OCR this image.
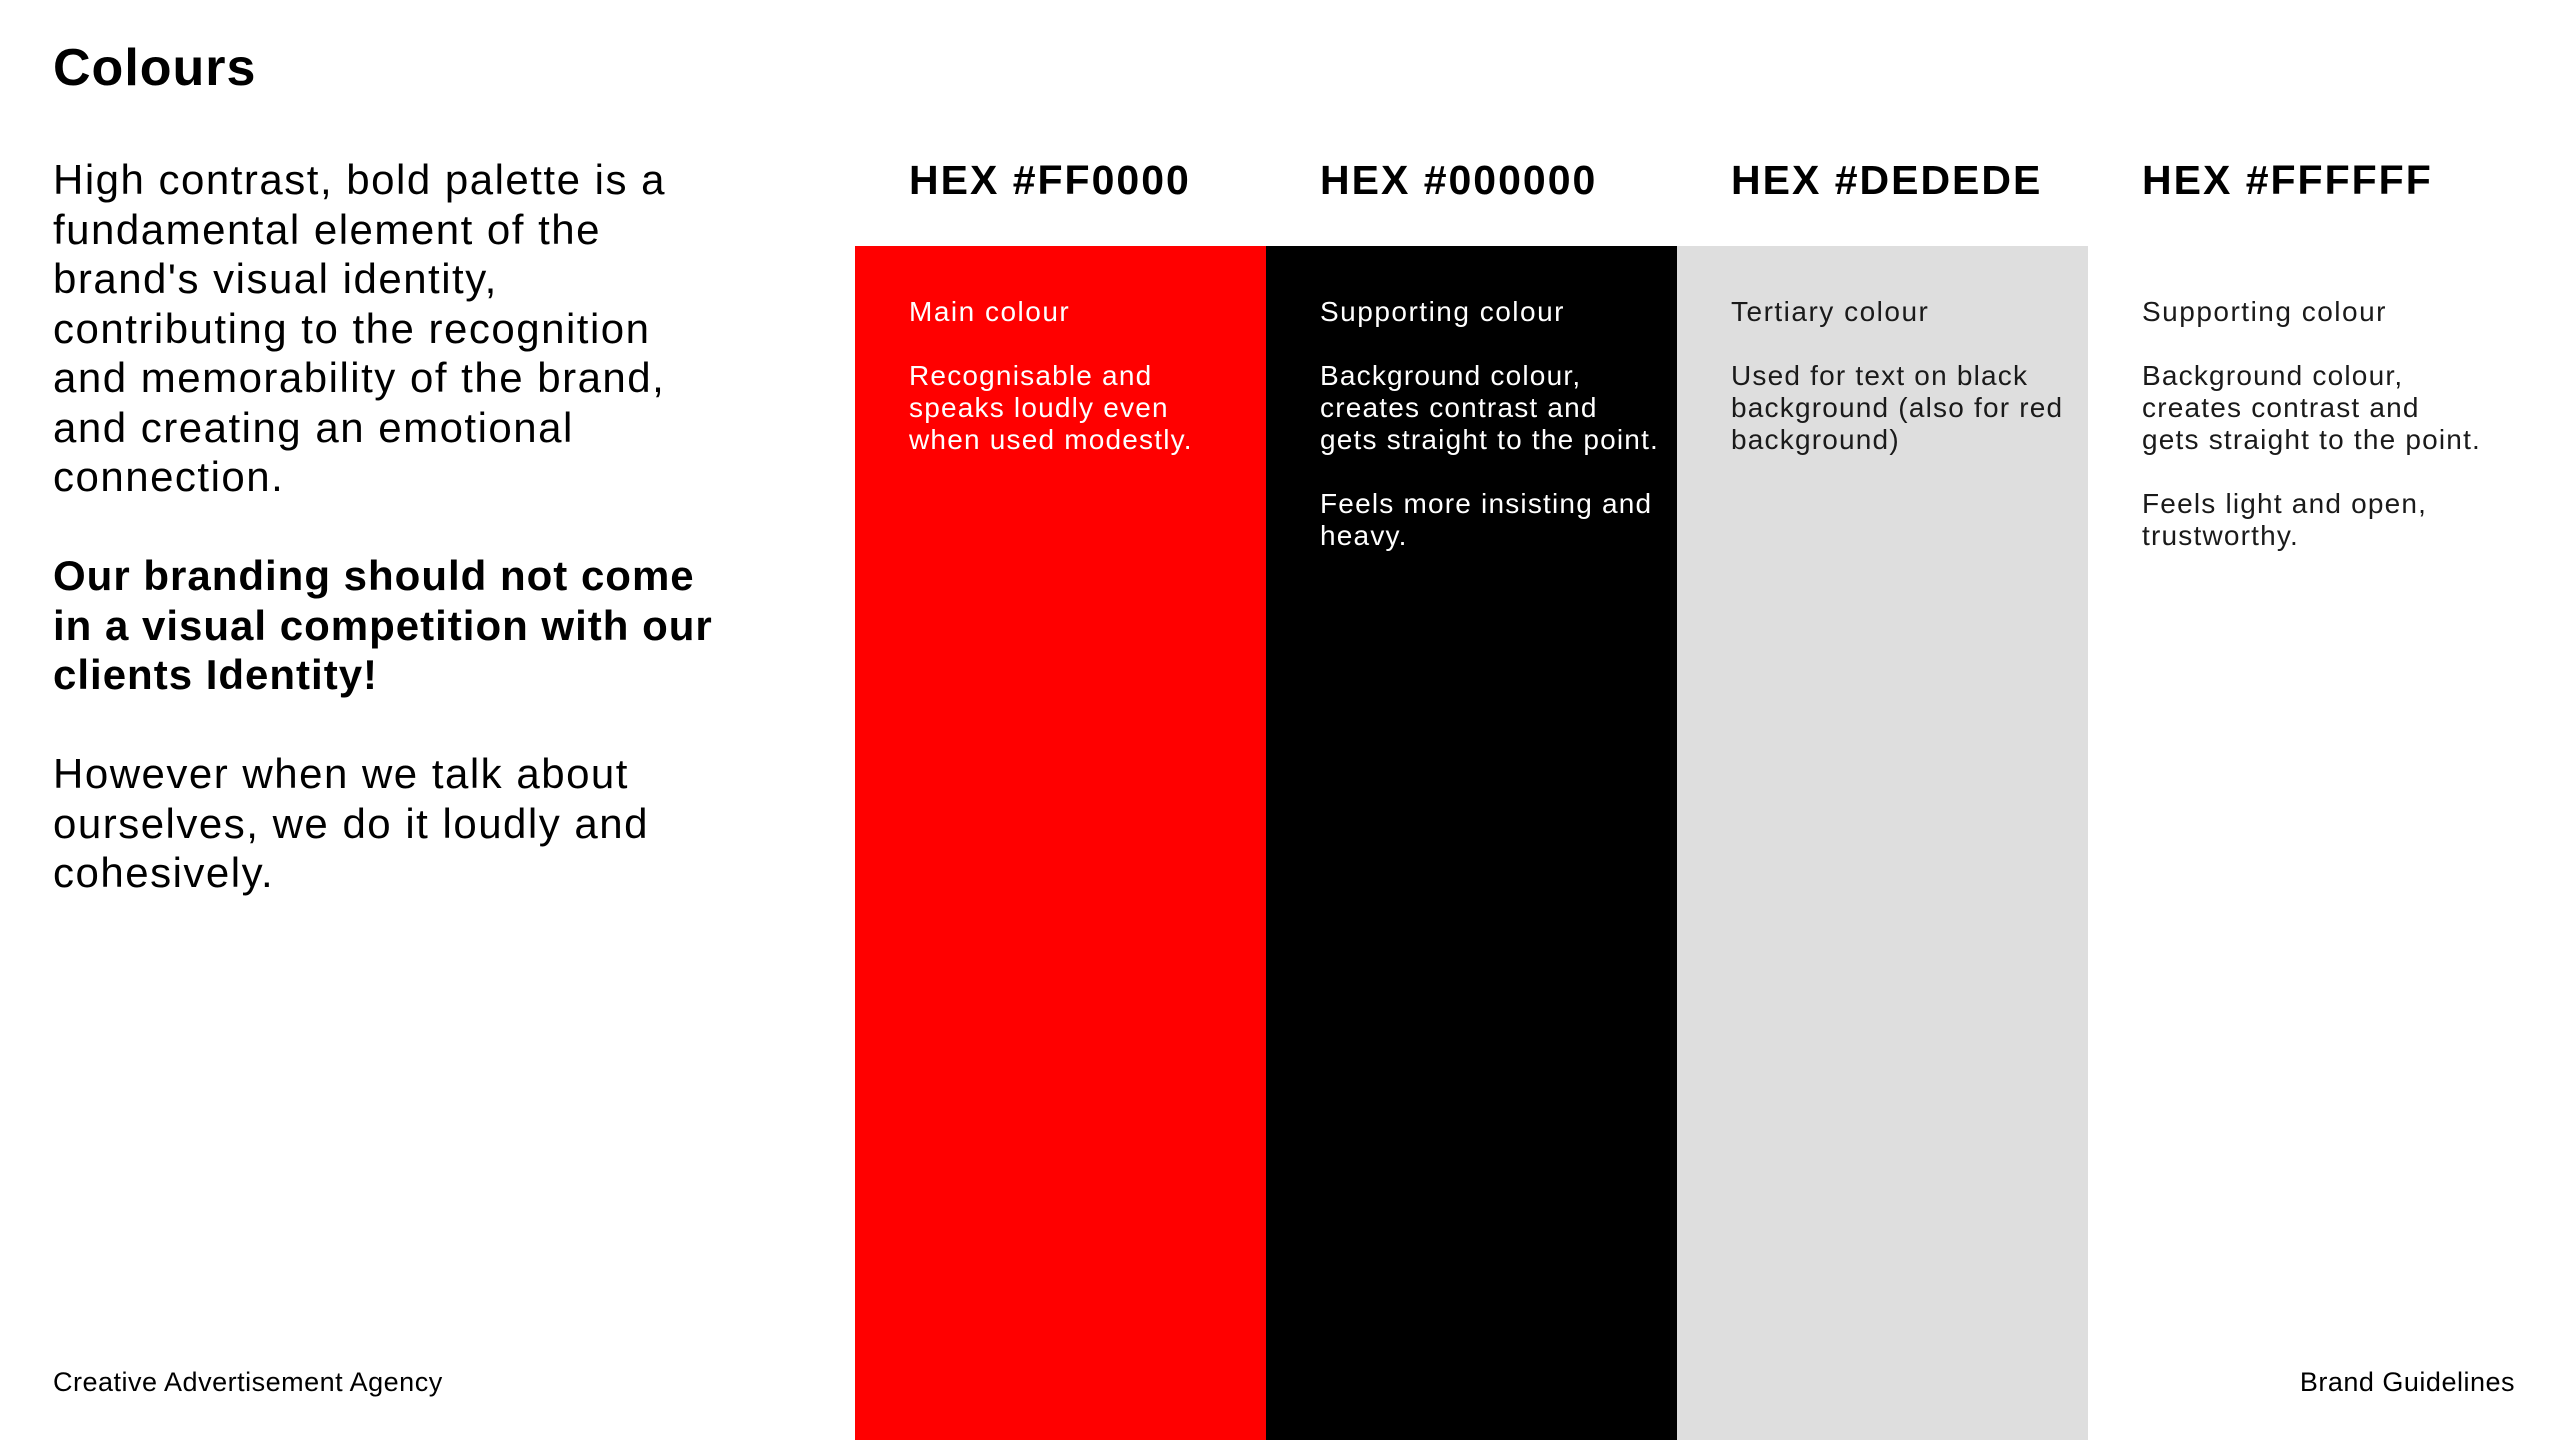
Colours

High contrast, bold palette is a fundamental element of the brand's visual identity, contributing to the recognition and memorability of the brand, and creating an emotional connection.

Our branding should not come in a visual competition with our clients Identity!

However when we talk about ourselves, we do it loudly and cohesively.

HEX #FF0000
Main colour
Recognisable and speaks loudly even when used modestly.
HEX #000000
Supporting colour
Background colour, creates contrast and gets straight to the point.
Feels more insisting and heavy.
HEX #DEDEDE
Tertiary colour
Used for text on black background (also for red background)
HEX #FFFFFF
Supporting colour
Background colour, creates contrast and gets straight to the point.
Feels light and open, trustworthy.
Creative Advertisement Agency	Brand Guidelines
